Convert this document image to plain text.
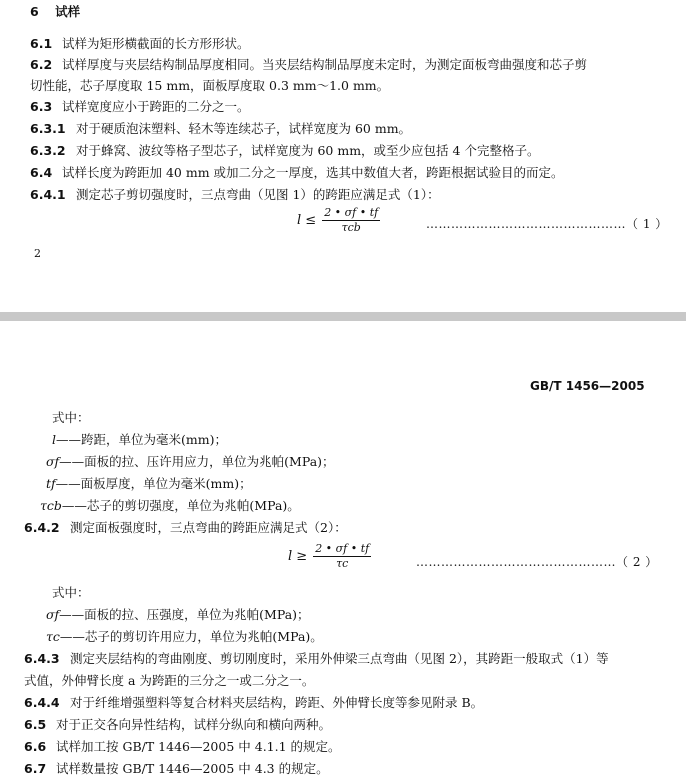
6 试样
6.1 试样为矩形横截面的长方形形状。
6.2 试样厚度与夹层结构制品厚度相同。当夹层结构制品厚度未定时，为测定面板弯曲强度和芯子剪
切性能，芯子厚度取 15 mm，面板厚度取 0.3 mm～1.0 mm。
6.3 试样宽度应小于跨距的二分之一。
6.3.1 对于硬质泡沫塑料、轻木等连续芯子，试样宽度为 60 mm。
6.3.2 对于蜂窝、波纹等格子型芯子，试样宽度为 60 mm，或至少应包括 4 个完整格子。
6.4 试样长度为跨距加 40 mm 或加二分之一厚度，选其中数值大者，跨距根据试验目的而定。
6.4.1 测定芯子剪切强度时，三点弯曲（见图 1）的跨距应满足式（1）：
$l \le \frac{2 • \sigma f • tf}{\text{τcb}}$	…………………………………………（ 1 ）
2
GB/T 1456—2005
式中：
l——跨距，单位为毫米(mm)；
σf——面板的拉、压许用应力，单位为兆帕(MPa)；
tf——面板厚度，单位为毫米(mm)；
τcb——芯子的剪切强度，单位为兆帕(MPa)。
6.4.2 测定面板强度时，三点弯曲的跨距应满足式（2）：
$l \ge \frac{2 • \sigma f • tf}{\tau c}$	…………………………………………（ 2 ）
式中：
σf——面板的拉、压强度，单位为兆帕(MPa)；
τc——芯子的剪切许用应力，单位为兆帕(MPa)。
6.4.3 测定夹层结构的弯曲刚度、剪切刚度时，采用外伸梁三点弯曲（见图 2），其跨距一般取式（1）等
式值，外伸臂长度 a 为跨距的三分之一或二分之一。
6.4.4 对于纤维增强塑料等复合材料夹层结构，跨距、外伸臂长度等参见附录 B。
6.5 对于正交各向异性结构，试样分纵向和横向两种。
6.6 试样加工按 GB/T 1446—2005 中 4.1.1 的规定。
6.7 试样数量按 GB/T 1446—2005 中 4.3 的规定。
